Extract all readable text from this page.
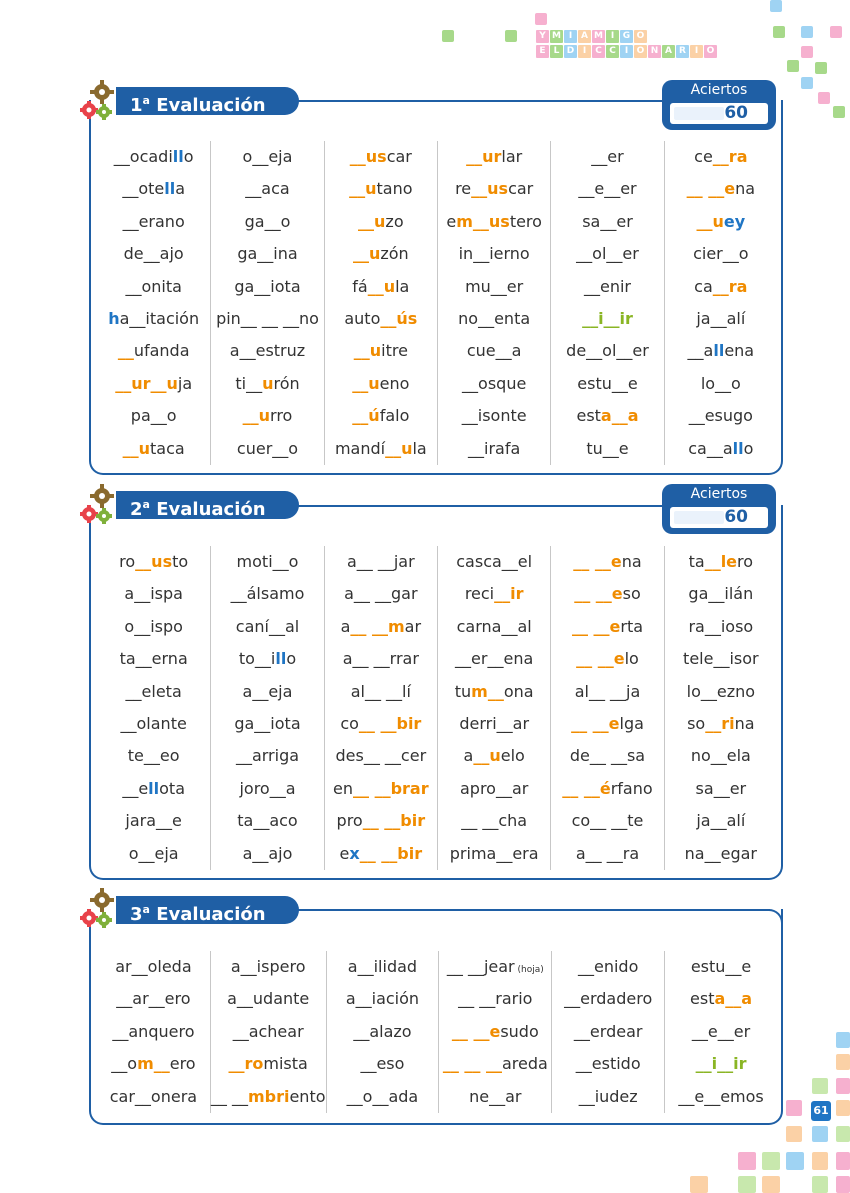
Y M I A M I G O
E L D I	C C	I O N A R I O
1$^a$ Evaluación
Aciertos
60
__ocadillo
__otella
__erano
de__ajo
__onita
ha__itación
__ufanda
__ur__uja
pa__o
__utaca
o__eja
__aca
ga__o
ga__ina
ga__iota
pin__ __ __no
a__estruz
ti__urón
__urro
cuer__o
__uscar
__utano
__uzo
__uzón
fá__ula
auto__ús
__uitre
__ueno
__úfalo
mandí__ula
__urlar
re__uscar
em__ustero
in__ierno
mu__er
no__enta
cue__a
__osque
__isonte
__irafa
__er
__e__er
sa__er
__ol__er
__enir
__i__ir
de__ol__er
estu__e
esta__a
tu__e
ce__ra
__ __ena
__uey
cier__o
ca__ra
ja__alí
__allena
lo__o
__esugo
ca__allo
2$^a$ Evaluación
Aciertos
60
ro__usto
a__ispa
o__ispo
ta__erna
__eleta
__olante
te__eo
__ellota
jara__e
o__eja
moti__o
__álsamo
caní__al
to__illo
a__eja
ga__iota
__arriga
joro__a
ta__aco
a__ajo
a__ __jar
a__ __gar
a__ __mar
a__ __rrar
al__ __lí
co__ __bir
des__ __cer
en__ __brar
pro__ __bir
ex__ __bir
casca__el
reci__ir
carna__al
__er__ena
tum__ona
derri__ar
a__uelo
apro__ar
__ __cha
prima__era
__ __ena
__ __eso
__ __erta
__ __elo
al__ __ja
__ __elga
de__ __sa
__ __érfano
co__ __te
a__ __ra
ta__lero
ga__ilán
ra__ioso
tele__isor
lo__ezno
so__rina
no__ela
sa__er
ja__alí
na__egar
3$^a$ Evaluación
ar__oleda
__ar__ero
__anquero
__om__ero
car__onera
a__ispero
a__udante
__achear
__romista
__ __mbriento
a__ilidad
a__iación
__alazo
__eso
__o__ada
__ __jear (hoja)
__ __rario
__ __esudo
__ __ __areda
ne__ar
__enido
__erdadero
__erdear
__estido
__iudez
estu__e
esta__a
__e__er
__i__ir
__e__emos
61
